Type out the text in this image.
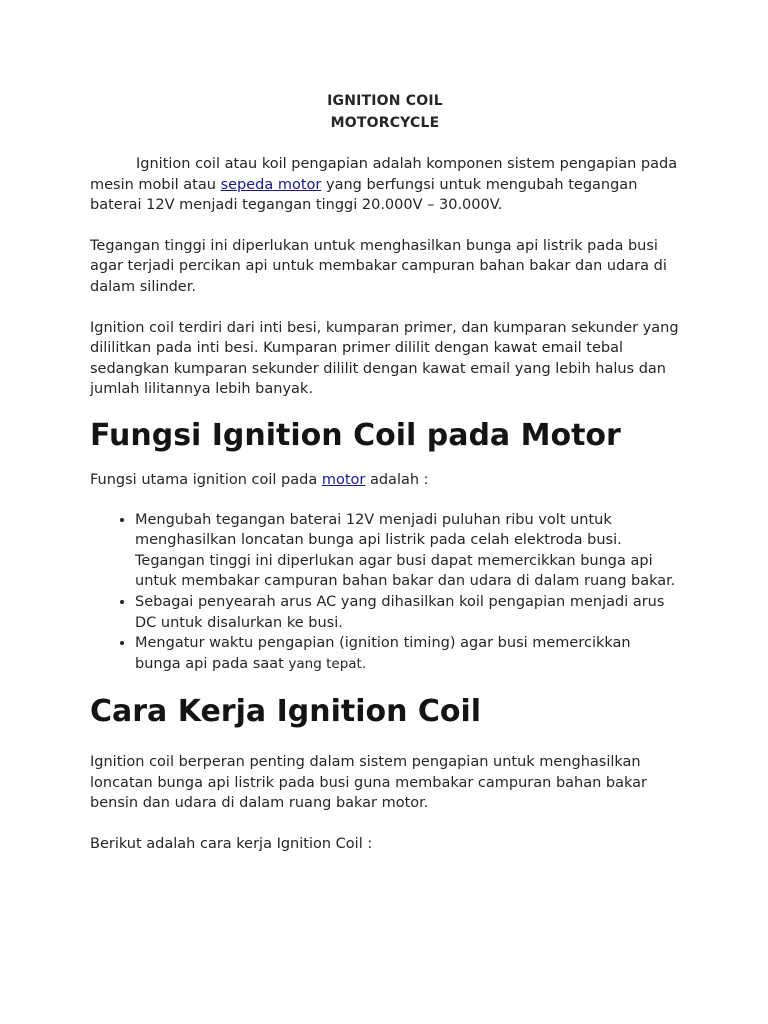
IGNITION COIL
MOTORCYCLE

Ignition coil atau koil pengapian adalah komponen sistem pengapian pada mesin mobil atau sepeda motor yang berfungsi untuk mengubah tegangan baterai 12V menjadi tegangan tinggi 20.000V – 30.000V.

Tegangan tinggi ini diperlukan untuk menghasilkan bunga api listrik pada busi agar terjadi percikan api untuk membakar campuran bahan bakar dan udara di dalam silinder.

Ignition coil terdiri dari inti besi, kumparan primer, dan kumparan sekunder yang dililitkan pada inti besi. Kumparan primer dililit dengan kawat email tebal sedangkan kumparan sekunder dililit dengan kawat email yang lebih halus dan jumlah lilitannya lebih banyak.

Fungsi Ignition Coil pada Motor

Fungsi utama ignition coil pada motor adalah :

• Mengubah tegangan baterai 12V menjadi puluhan ribu volt untuk menghasilkan loncatan bunga api listrik pada celah elektroda busi. Tegangan tinggi ini diperlukan agar busi dapat memercikkan bunga api untuk membakar campuran bahan bakar dan udara di dalam ruang bakar.
• Sebagai penyearah arus AC yang dihasilkan koil pengapian menjadi arus DC untuk disalurkan ke busi.
• Mengatur waktu pengapian (ignition timing) agar busi memercikkan bunga api pada saat yang tepat.
Cara Kerja Ignition Coil

Ignition coil berperan penting dalam sistem pengapian untuk menghasilkan loncatan bunga api listrik pada busi guna membakar campuran bahan bakar bensin dan udara di dalam ruang bakar motor.

Berikut adalah cara kerja Ignition Coil :
